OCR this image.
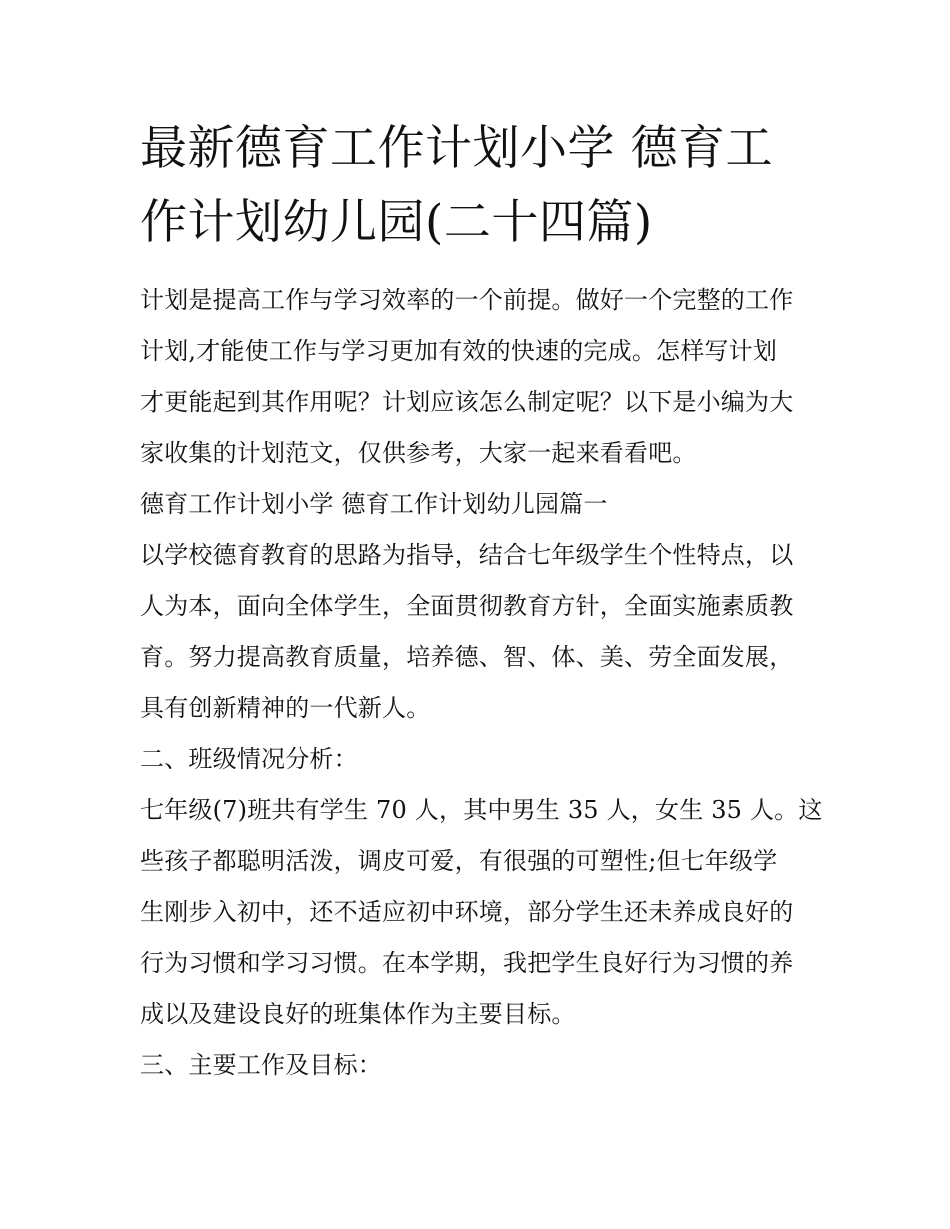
最新德育工作计划小学 德育工
作计划幼儿园(二十四篇)
计划是提高工作与学习效率的一个前提。做好一个完整的工作
计划,才能使工作与学习更加有效的快速的完成。怎样写计划
才更能起到其作用呢？计划应该怎么制定呢？以下是小编为大
家收集的计划范文，仅供参考，大家一起来看看吧。
德育工作计划小学 德育工作计划幼儿园篇一
以学校德育教育的思路为指导，结合七年级学生个性特点，以
人为本，面向全体学生，全面贯彻教育方针，全面实施素质教
育。努力提高教育质量，培养德、智、体、美、劳全面发展，
具有创新精神的一代新人。
二、班级情况分析：
七年级(7)班共有学生 70 人，其中男生 35 人，女生 35 人。这
些孩子都聪明活泼，调皮可爱，有很强的可塑性;但七年级学
生刚步入初中，还不适应初中环境，部分学生还未养成良好的
行为习惯和学习习惯。在本学期，我把学生良好行为习惯的养
成以及建设良好的班集体作为主要目标。
三、主要工作及目标：
